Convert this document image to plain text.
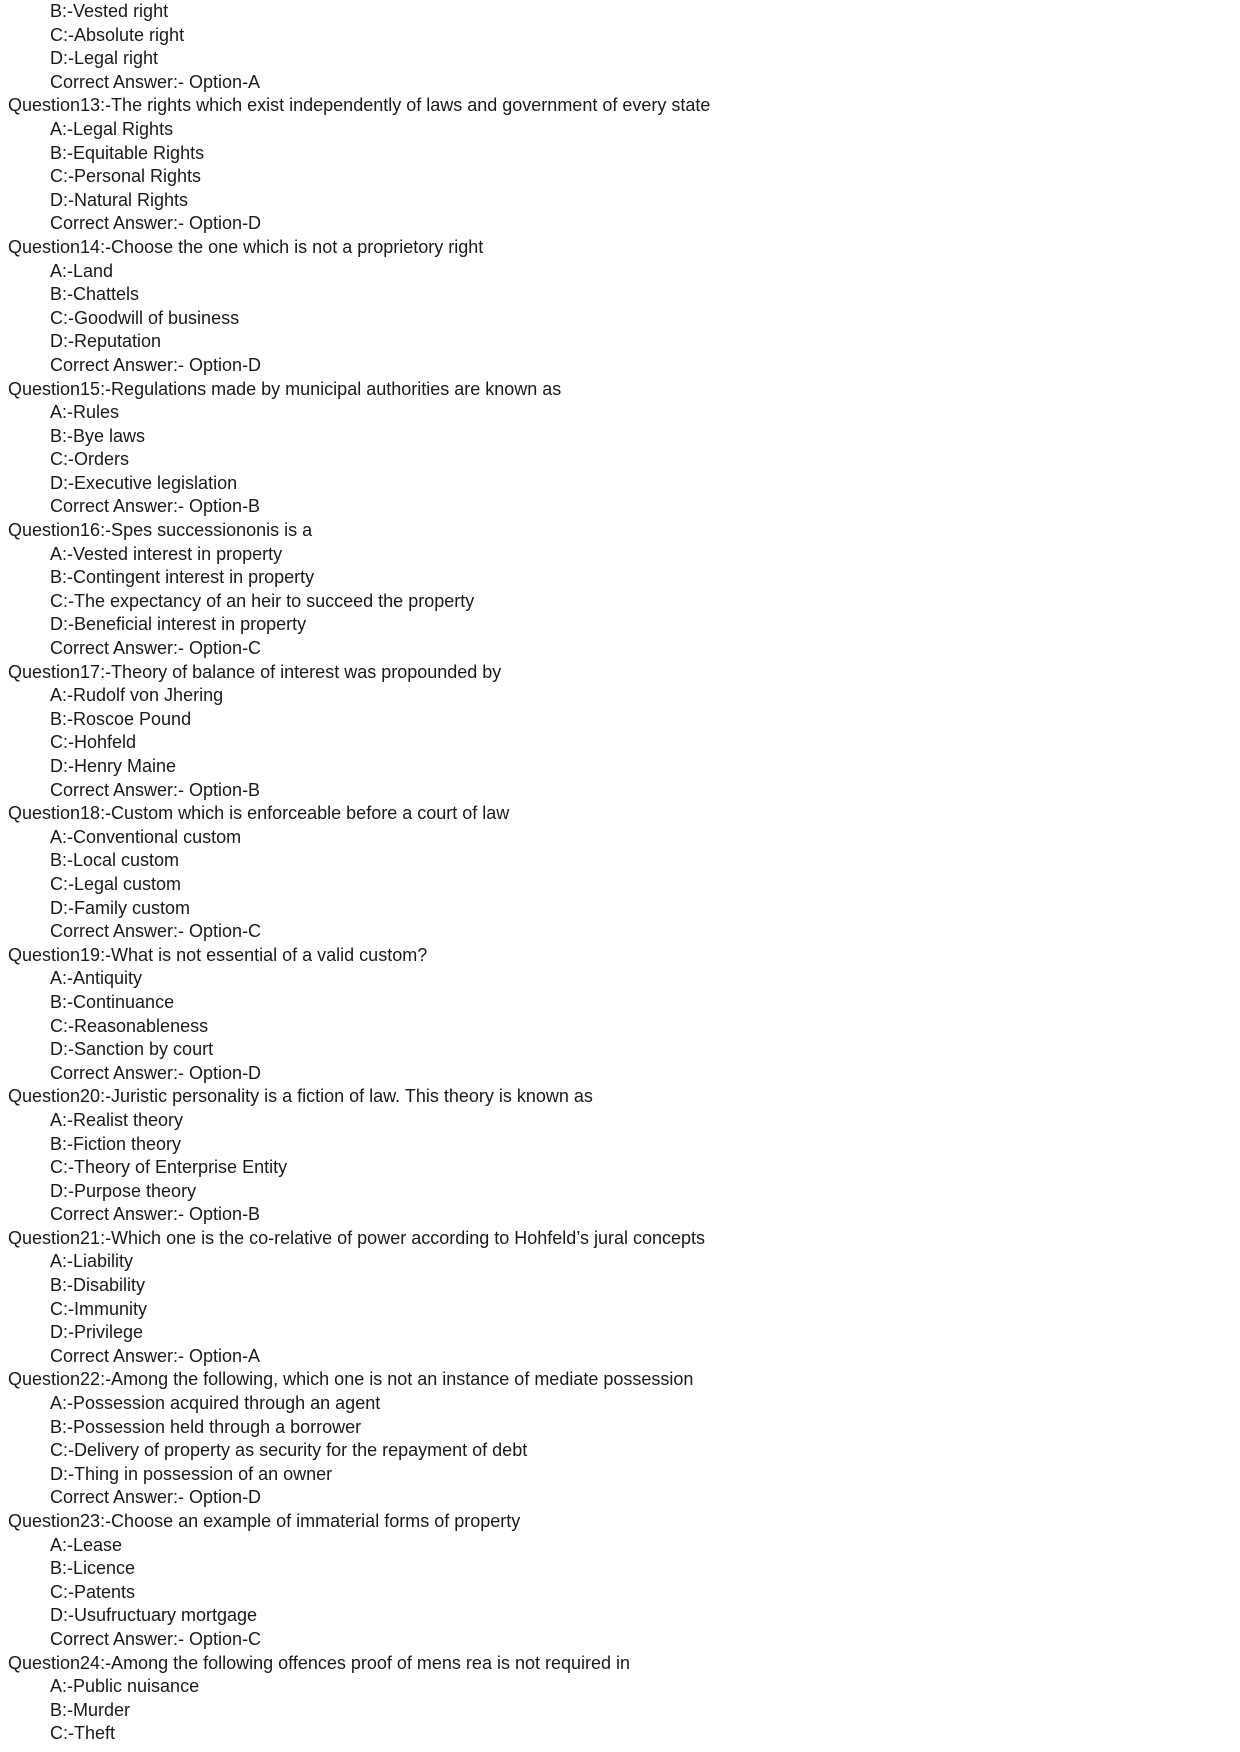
B:-Vested right
C:-Absolute right
D:-Legal right
Correct Answer:- Option-A
Question13:-The rights which exist independently of laws and government of every state
A:-Legal Rights
B:-Equitable Rights
C:-Personal Rights
D:-Natural Rights
Correct Answer:- Option-D
Question14:-Choose the one which is not a proprietory right
A:-Land
B:-Chattels
C:-Goodwill of business
D:-Reputation
Correct Answer:- Option-D
Question15:-Regulations made by municipal authorities are known as
A:-Rules
B:-Bye laws
C:-Orders
D:-Executive legislation
Correct Answer:- Option-B
Question16:-Spes successiononis is a
A:-Vested interest in property
B:-Contingent interest in property
C:-The expectancy of an heir to succeed the property
D:-Beneficial interest in property
Correct Answer:- Option-C
Question17:-Theory of balance of interest was propounded by
A:-Rudolf von Jhering
B:-Roscoe Pound
C:-Hohfeld
D:-Henry Maine
Correct Answer:- Option-B
Question18:-Custom which is enforceable before a court of law
A:-Conventional custom
B:-Local custom
C:-Legal custom
D:-Family custom
Correct Answer:- Option-C
Question19:-What is not essential of a valid custom?
A:-Antiquity
B:-Continuance
C:-Reasonableness
D:-Sanction by court
Correct Answer:- Option-D
Question20:-Juristic personality is a fiction of law. This theory is known as
A:-Realist theory
B:-Fiction theory
C:-Theory of Enterprise Entity
D:-Purpose theory
Correct Answer:- Option-B
Question21:-Which one is the co-relative of power according to Hohfeld’s jural concepts
A:-Liability
B:-Disability
C:-Immunity
D:-Privilege
Correct Answer:- Option-A
Question22:-Among the following, which one is not an instance of mediate possession
A:-Possession acquired through an agent
B:-Possession held through a borrower
C:-Delivery of property as security for the repayment of debt
D:-Thing in possession of an owner
Correct Answer:- Option-D
Question23:-Choose an example of immaterial forms of property
A:-Lease
B:-Licence
C:-Patents
D:-Usufructuary mortgage
Correct Answer:- Option-C
Question24:-Among the following offences proof of mens rea is not required in
A:-Public nuisance
B:-Murder
C:-Theft
